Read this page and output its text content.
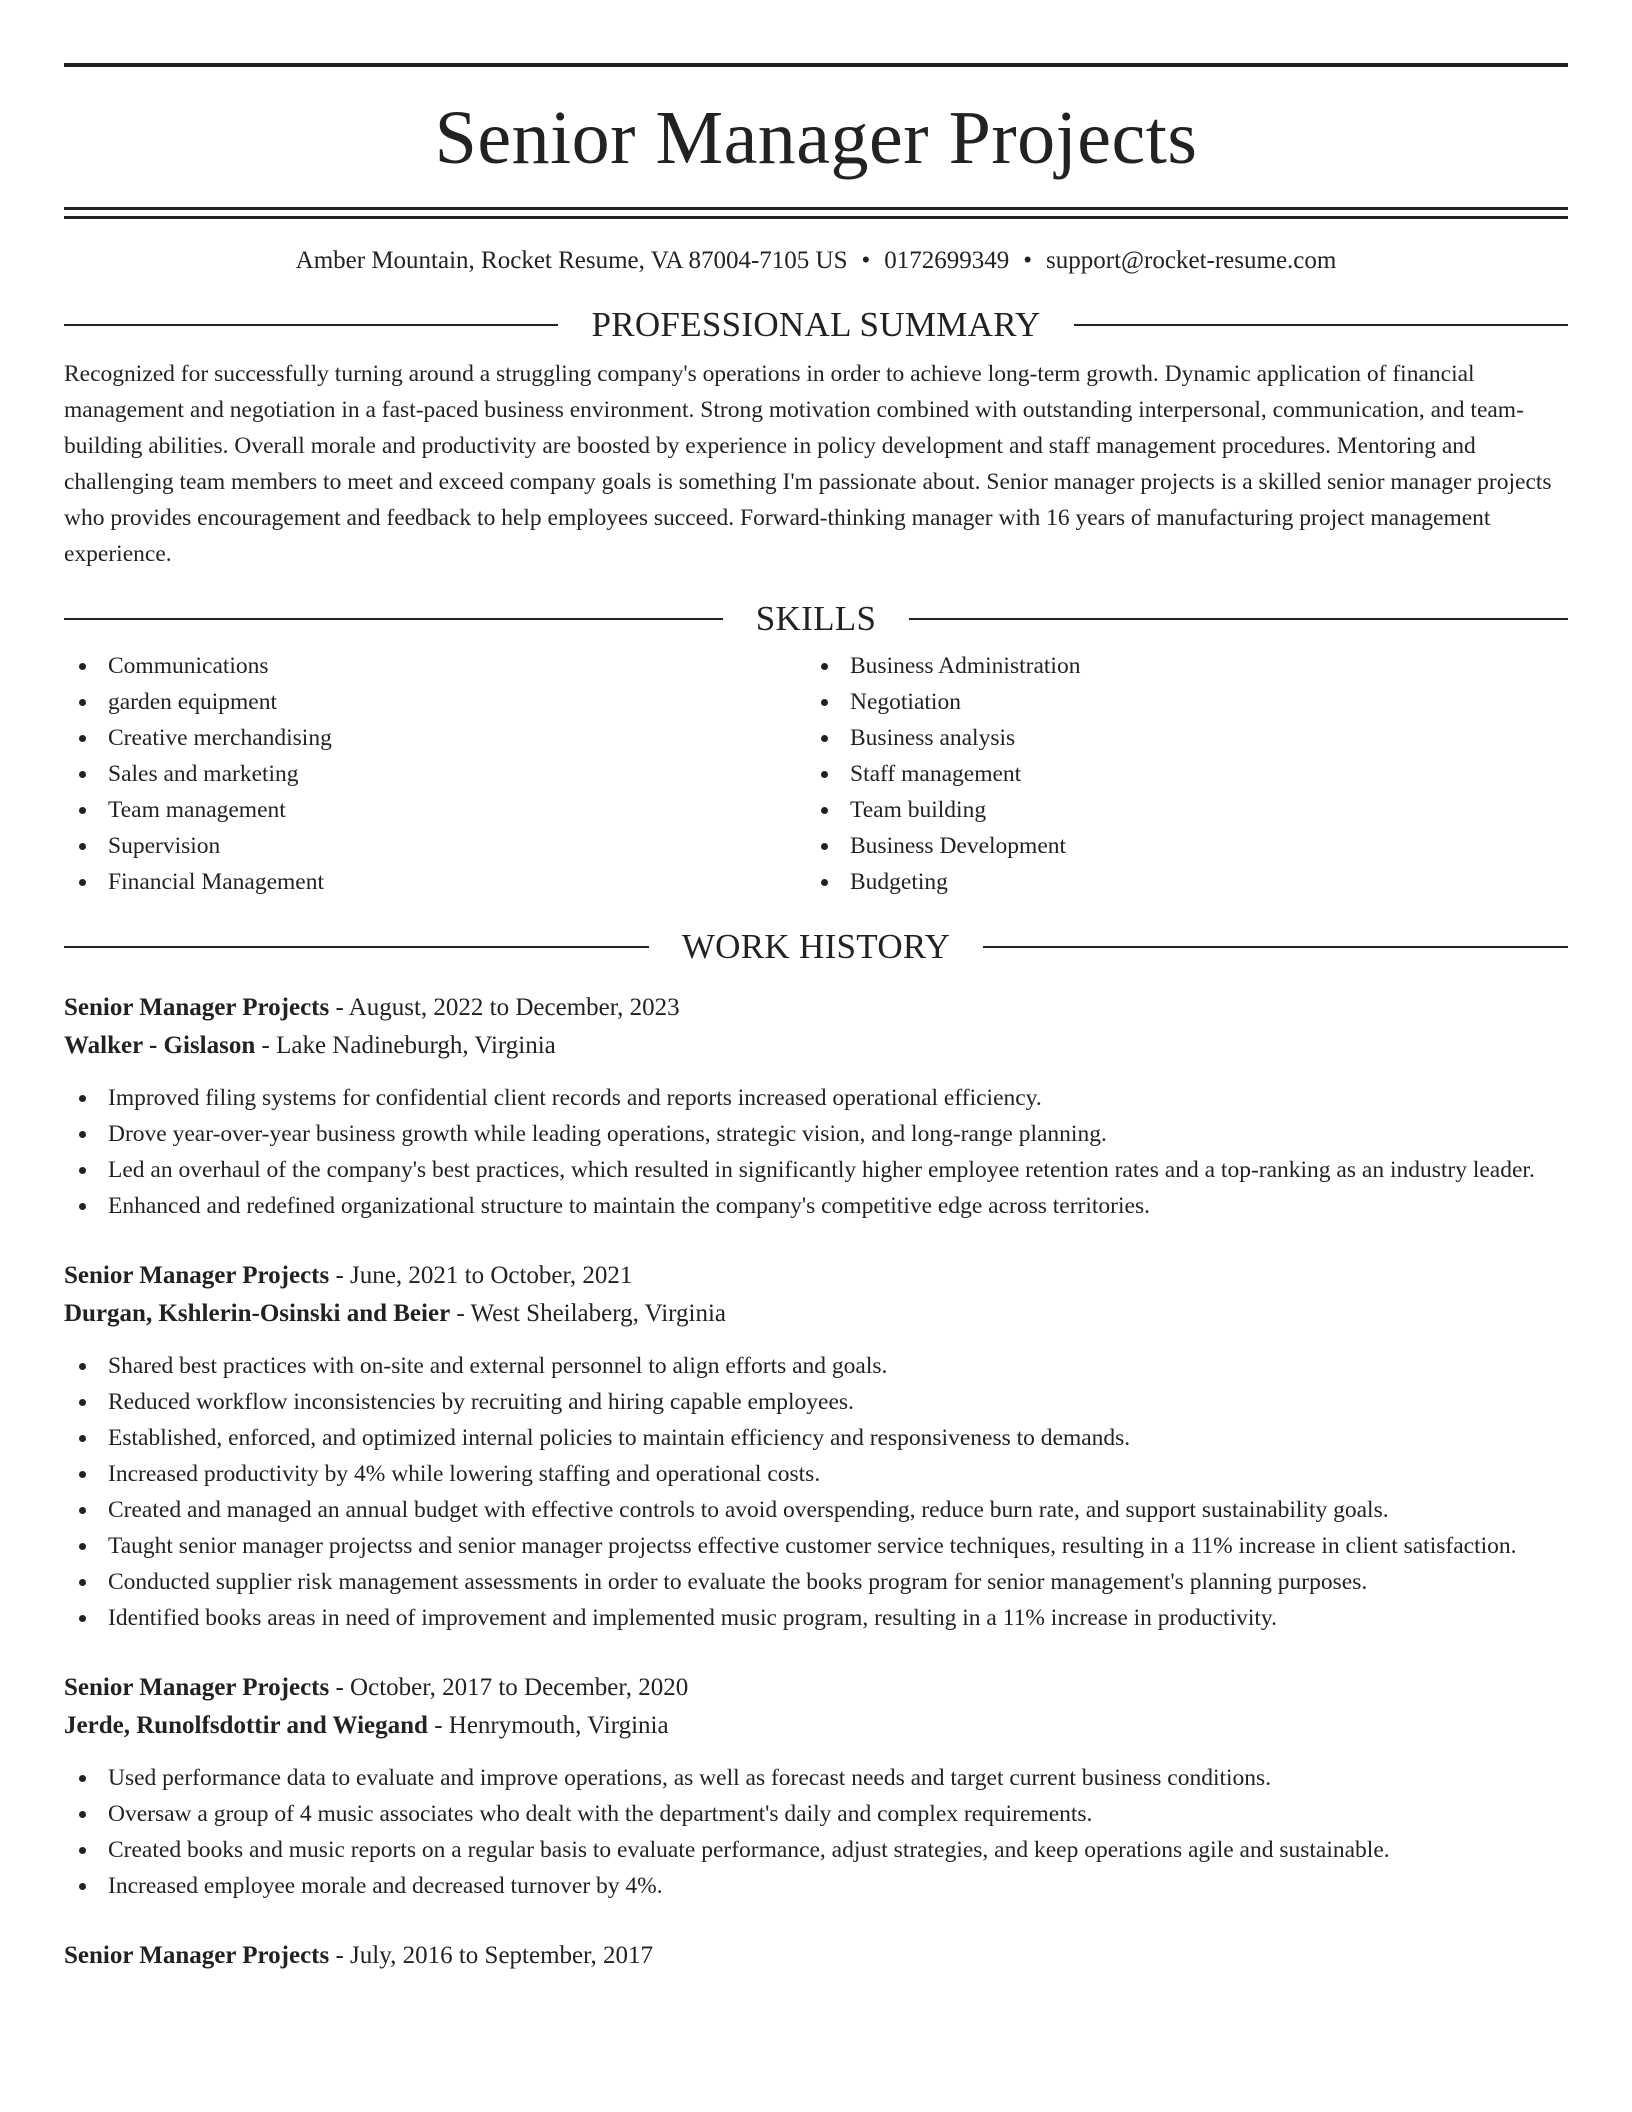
Senior Manager Projects
Amber Mountain, Rocket Resume, VA 87004-7105 US • 0172699349 • support@rocket-resume.com
PROFESSIONAL SUMMARY
Recognized for successfully turning around a struggling company's operations in order to achieve long-term growth. Dynamic application of financial management and negotiation in a fast-paced business environment. Strong motivation combined with outstanding interpersonal, communication, and team-building abilities. Overall morale and productivity are boosted by experience in policy development and staff management procedures. Mentoring and challenging team members to meet and exceed company goals is something I'm passionate about. Senior manager projects is a skilled senior manager projects who provides encouragement and feedback to help employees succeed. Forward-thinking manager with 16 years of manufacturing project management experience.
SKILLS
Communications
garden equipment
Creative merchandising
Sales and marketing
Team management
Supervision
Financial Management
Business Administration
Negotiation
Business analysis
Staff management
Team building
Business Development
Budgeting
WORK HISTORY
Senior Manager Projects - August, 2022 to December, 2023
Walker - Gislason - Lake Nadineburgh, Virginia
Improved filing systems for confidential client records and reports increased operational efficiency.
Drove year-over-year business growth while leading operations, strategic vision, and long-range planning.
Led an overhaul of the company's best practices, which resulted in significantly higher employee retention rates and a top-ranking as an industry leader.
Enhanced and redefined organizational structure to maintain the company's competitive edge across territories.
Senior Manager Projects - June, 2021 to October, 2021
Durgan, Kshlerin-Osinski and Beier - West Sheilaberg, Virginia
Shared best practices with on-site and external personnel to align efforts and goals.
Reduced workflow inconsistencies by recruiting and hiring capable employees.
Established, enforced, and optimized internal policies to maintain efficiency and responsiveness to demands.
Increased productivity by 4% while lowering staffing and operational costs.
Created and managed an annual budget with effective controls to avoid overspending, reduce burn rate, and support sustainability goals.
Taught senior manager projectss and senior manager projectss effective customer service techniques, resulting in a 11% increase in client satisfaction.
Conducted supplier risk management assessments in order to evaluate the books program for senior management's planning purposes.
Identified books areas in need of improvement and implemented music program, resulting in a 11% increase in productivity.
Senior Manager Projects - October, 2017 to December, 2020
Jerde, Runolfsdottir and Wiegand - Henrymouth, Virginia
Used performance data to evaluate and improve operations, as well as forecast needs and target current business conditions.
Oversaw a group of 4 music associates who dealt with the department's daily and complex requirements.
Created books and music reports on a regular basis to evaluate performance, adjust strategies, and keep operations agile and sustainable.
Increased employee morale and decreased turnover by 4%.
Senior Manager Projects - July, 2016 to September, 2017
